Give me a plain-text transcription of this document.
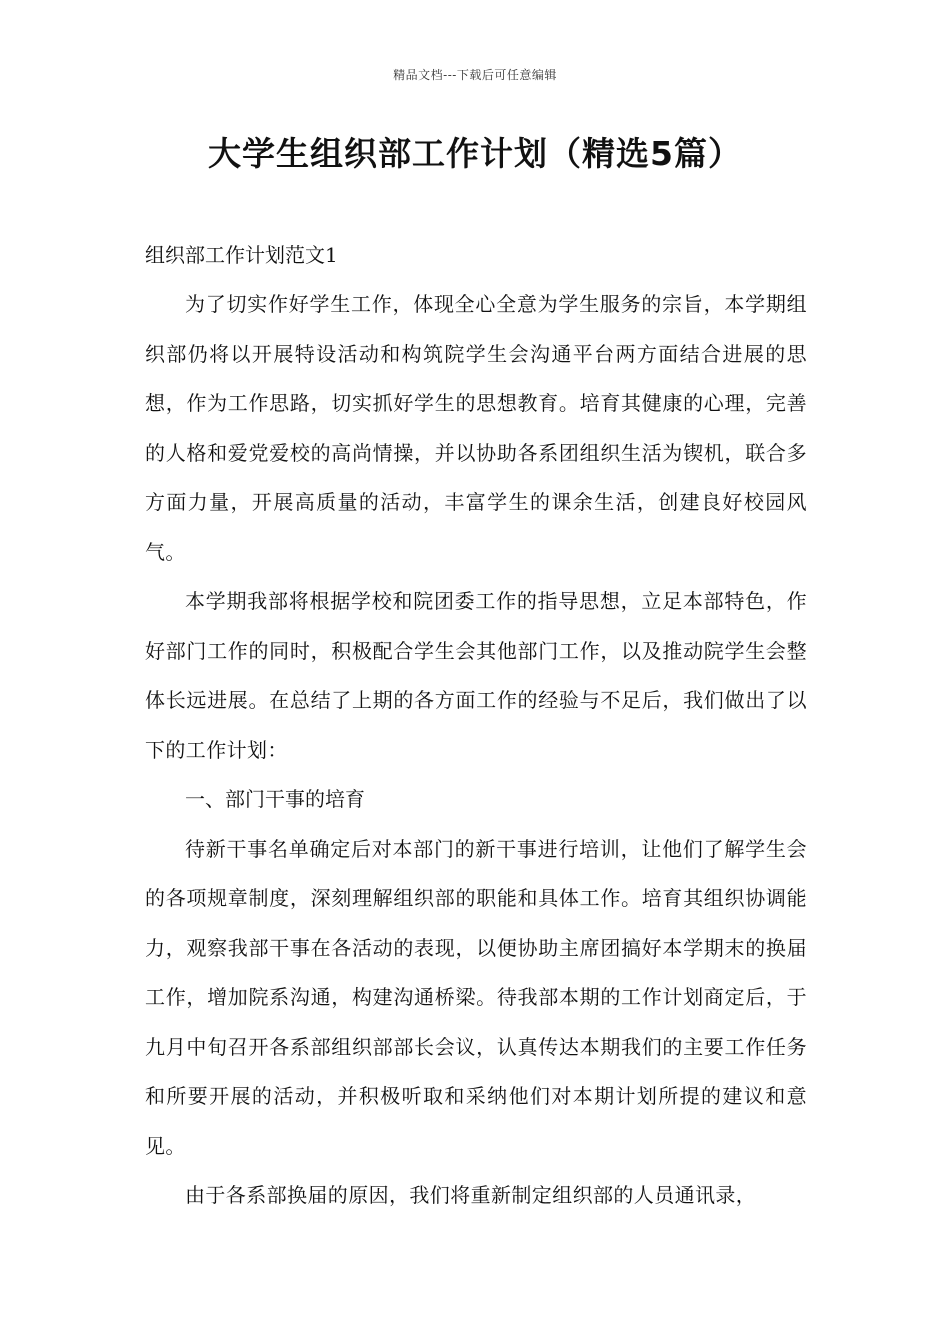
精品文档---下载后可任意编辑
大学生组织部工作计划（精选5篇）

组织部工作计划范文1

为了切实作好学生工作，体现全心全意为学生服务的宗旨，本学期组织部仍将以开展特设活动和构筑院学生会沟通平台两方面结合进展的思想，作为工作思路，切实抓好学生的思想教育。培育其健康的心理，完善的人格和爱党爱校的高尚情操，并以协助各系团组织生活为锲机，联合多方面力量，开展高质量的活动，丰富学生的课余生活，创建良好校园风气。

本学期我部将根据学校和院团委工作的指导思想，立足本部特色，作好部门工作的同时，积极配合学生会其他部门工作，以及推动院学生会整体长远进展。在总结了上期的各方面工作的经验与不足后，我们做出了以下的工作计划：

一、部门干事的培育

待新干事名单确定后对本部门的新干事进行培训，让他们了解学生会的各项规章制度，深刻理解组织部的职能和具体工作。培育其组织协调能力，观察我部干事在各活动的表现，以便协助主席团搞好本学期末的换届工作，增加院系沟通，构建沟通桥梁。待我部本期的工作计划商定后，于九月中旬召开各系部组织部部长会议，认真传达本期我们的主要工作任务和所要开展的活动，并积极听取和采纳他们对本期计划所提的建议和意见。

由于各系部换届的原因，我们将重新制定组织部的人员通讯录，
